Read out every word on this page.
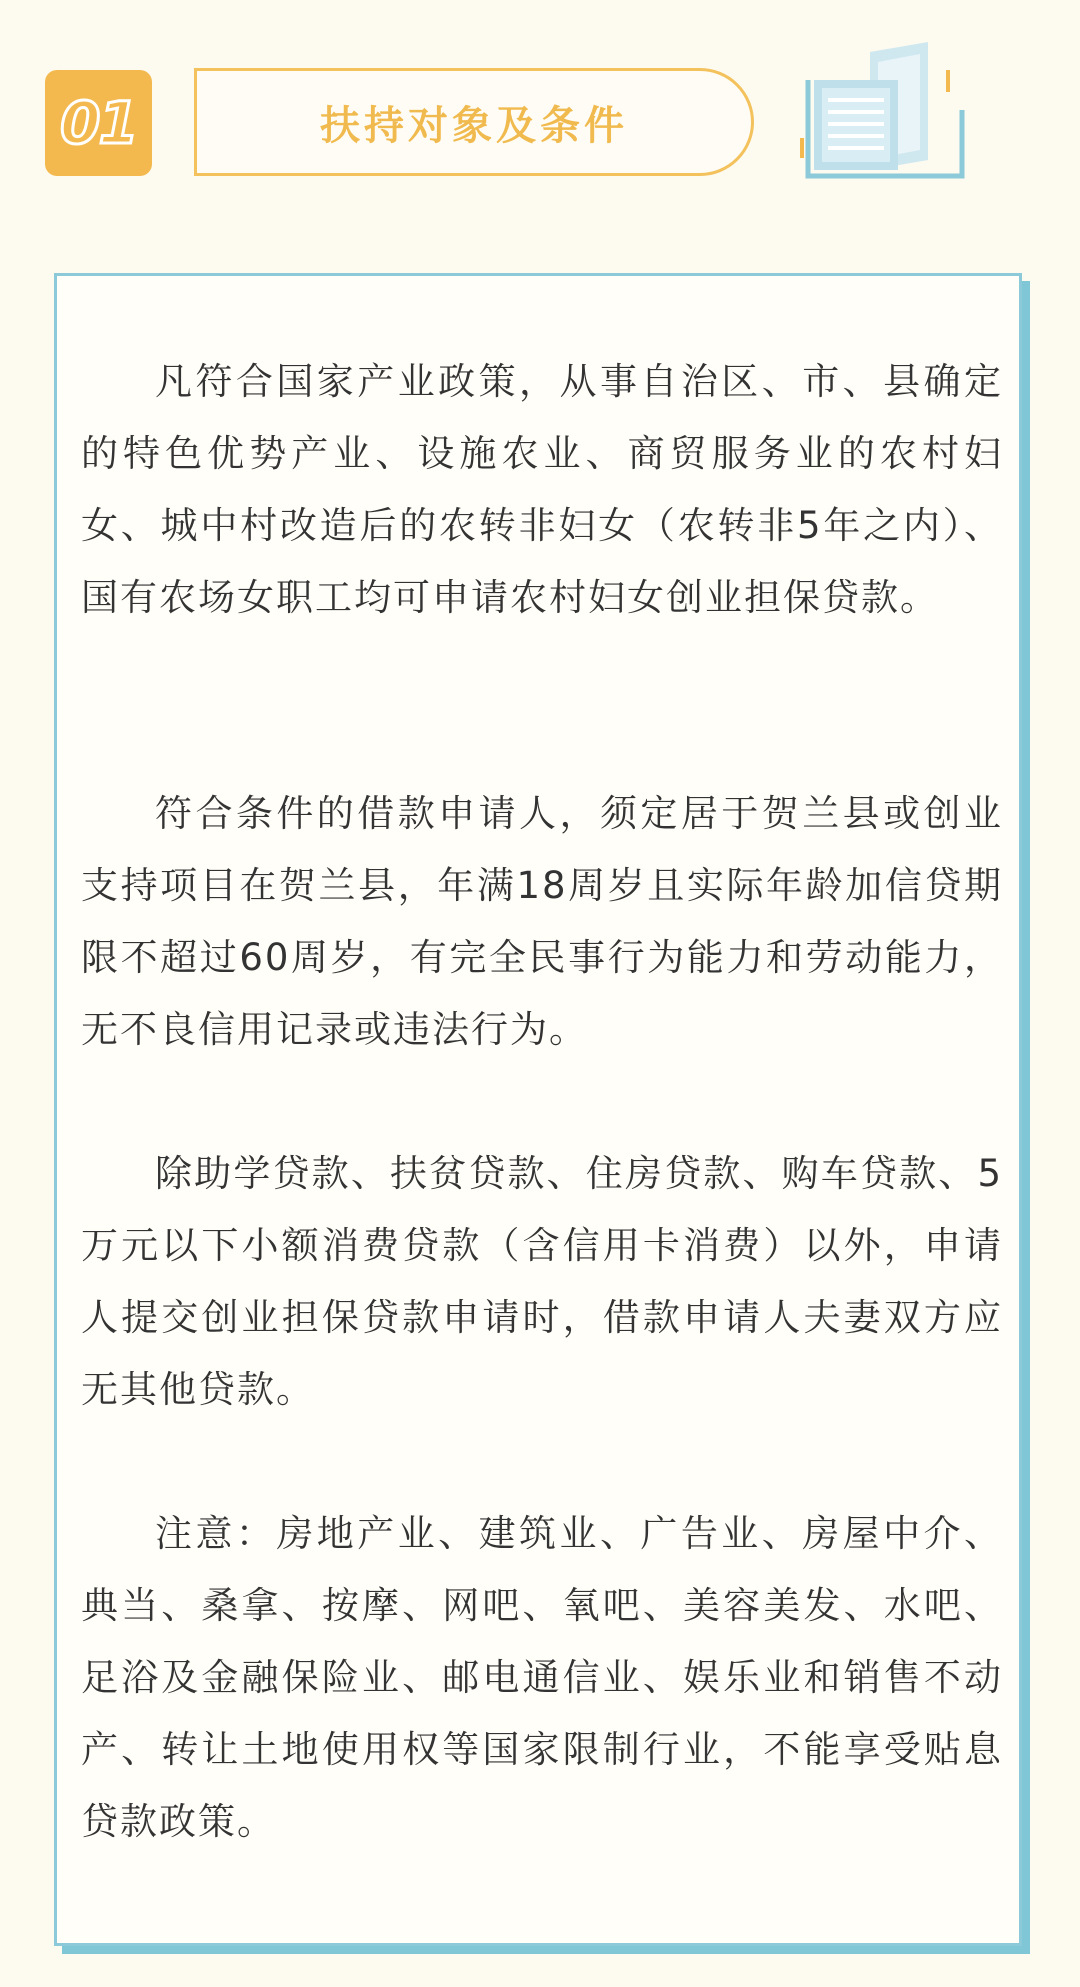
01	扶持对象及条件

凡符合国家产业政策，从事自治区、市、县确定的特色优势产业、设施农业、商贸服务业的农村妇女、城中村改造后的农转非妇女（农转非5年之内）、国有农场女职工均可申请农村妇女创业担保贷款。

符合条件的借款申请人，须定居于贺兰县或创业支持项目在贺兰县，年满18周岁且实际年龄加信贷期限不超过60周岁，有完全民事行为能力和劳动能力，无不良信用记录或违法行为。

除助学贷款、扶贫贷款、住房贷款、购车贷款、5万元以下小额消费贷款（含信用卡消费）以外，申请人提交创业担保贷款申请时，借款申请人夫妻双方应无其他贷款。

注意：房地产业、建筑业、广告业、房屋中介、典当、桑拿、按摩、网吧、氧吧、美容美发、水吧、足浴及金融保险业、邮电通信业、娱乐业和销售不动产、转让土地使用权等国家限制行业，不能享受贴息贷款政策。
